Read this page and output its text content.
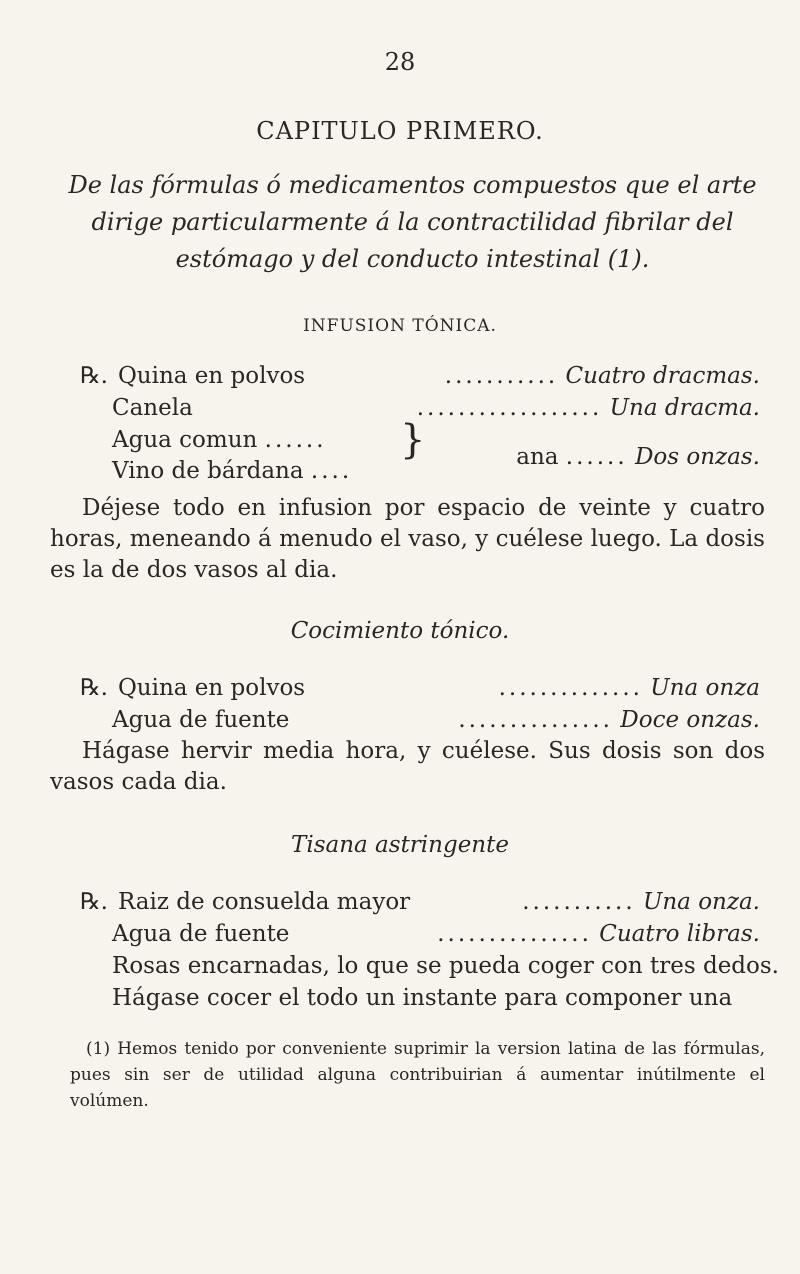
28
CAPITULO PRIMERO.
De las fórmulas ó medicamentos compuestos que el arte dirige particularmente á la contractilidad fibrilar del estómago y del conducto intestinal (1).
INFUSION TÓNICA.
℞. Quina en polvos	........... Cuatro dracmas.
Canela	.................. Una dracma.
Agua comun ......
Vino de bárdana ....
}	ana ...... Dos onzas.
Déjese todo en infusion por espacio de veinte y cuatro horas, meneando á menudo el vaso, y cuélese luego. La dosis es la de dos vasos al dia.
Cocimiento tónico.
℞. Quina en polvos	.............. Una onza
Agua de fuente	............... Doce onzas.
Hágase hervir media hora, y cuélese. Sus dosis son dos vasos cada dia.
Tisana astringente
℞. Raiz de consuelda mayor	........... Una onza.
Agua de fuente	............... Cuatro libras.
Rosas encarnadas, lo que se pueda coger con tres dedos.
Hágase cocer el todo un instante para componer una
(1) Hemos tenido por conveniente suprimir la version latina de las fórmulas, pues sin ser de utilidad alguna contribuirian á aumentar inútilmente el volúmen.
